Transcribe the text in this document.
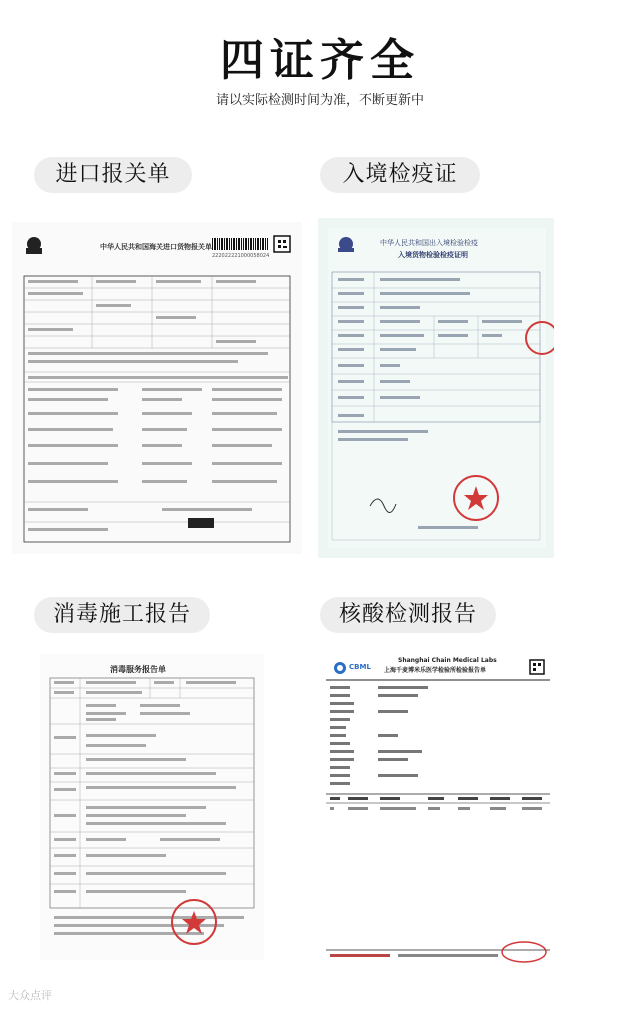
四证齐全
请以实际检测时间为准，不断更新中
进口报关单
中华人民共和国海关进口货物报关单
222022221000058024
入境检疫证
中华人民共和国出入境检验检疫
入境货物检验检疫证明
消毒施工报告
消毒服务报告单
核酸检测报告
CBML
Shanghai Chain Medical Labs
上海千麦博米乐医学检验所检验报告单
大众点评
